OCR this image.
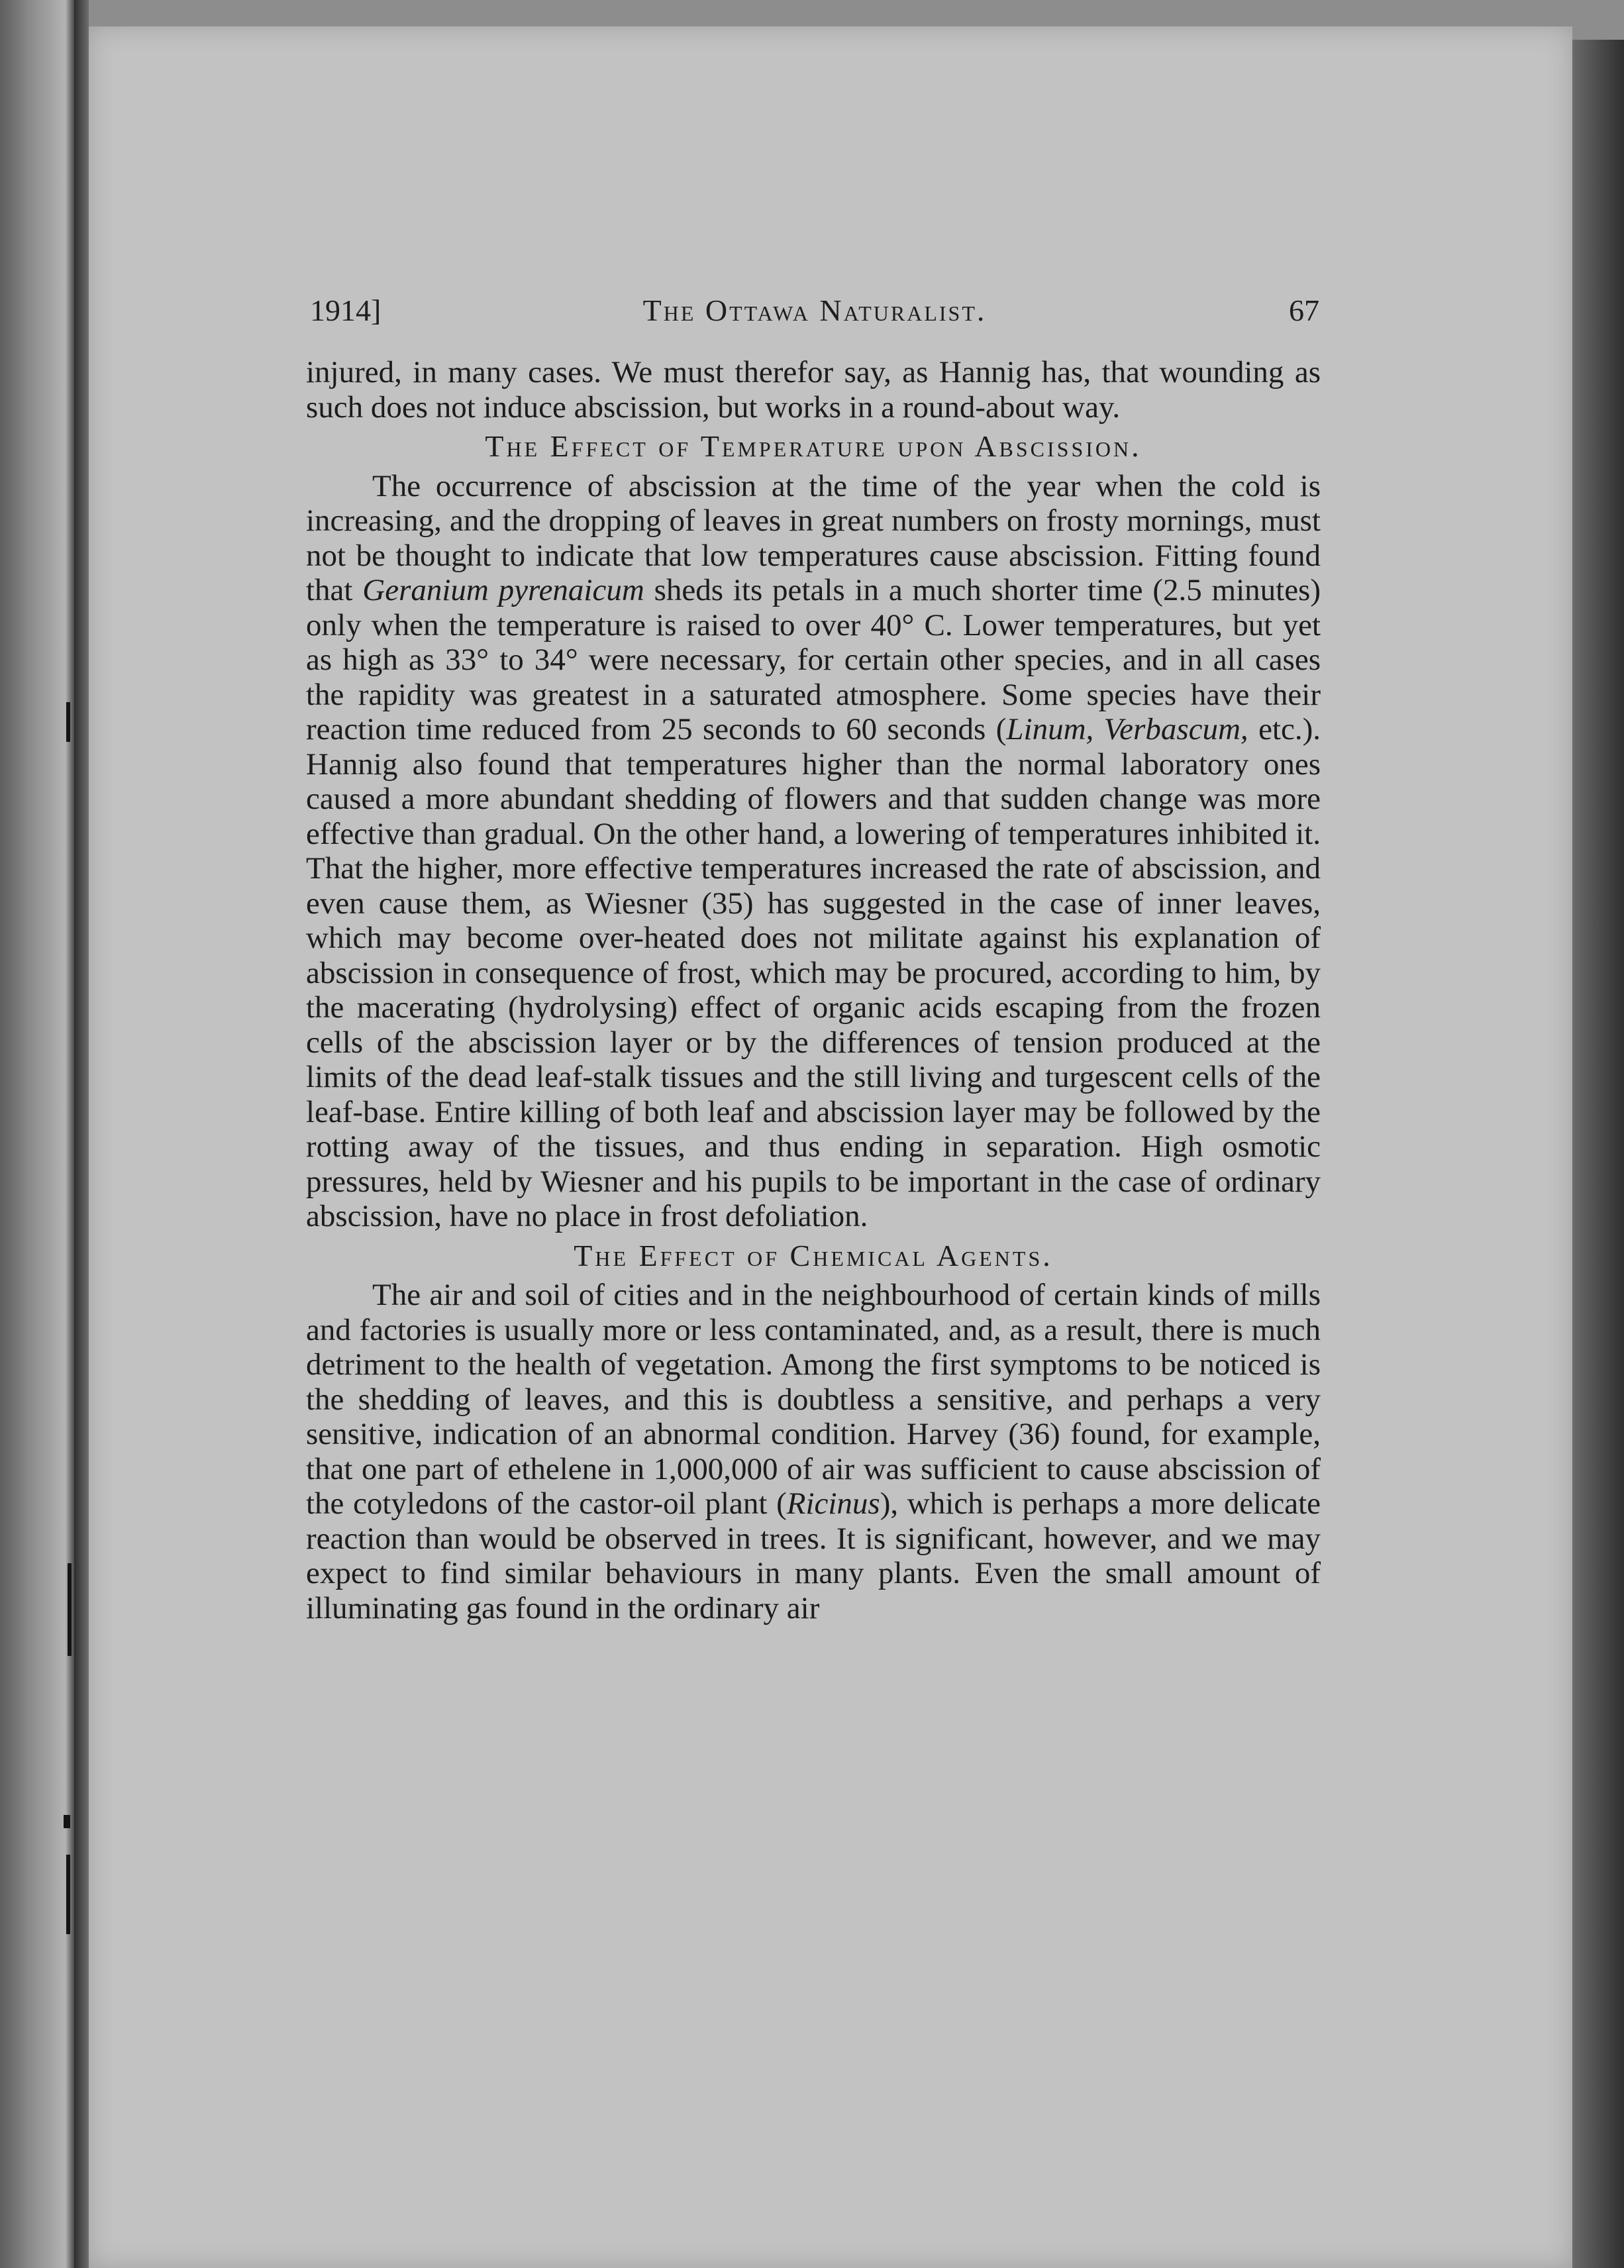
1914]	The Ottawa Naturalist.	67

injured, in many cases. We must therefor say, as Hannig has, that wounding as such does not induce abscission, but works in a round-about way.

The Effect of Temperature upon Abscission.

The occurrence of abscission at the time of the year when the cold is increasing, and the dropping of leaves in great numbers on frosty mornings, must not be thought to indicate that low temperatures cause abscission. Fitting found that Geranium pyrenaicum sheds its petals in a much shorter time (2.5 minutes) only when the temperature is raised to over 40° C. Lower temperatures, but yet as high as 33° to 34° were necessary, for certain other species, and in all cases the rapidity was greatest in a saturated atmosphere. Some species have their reaction time reduced from 25 seconds to 60 seconds (Linum, Verbascum, etc.). Hannig also found that temperatures higher than the normal laboratory ones caused a more abundant shedding of flowers and that sudden change was more effective than gradual. On the other hand, a lowering of temperatures inhibited it. That the higher, more effective temperatures increased the rate of abscission, and even cause them, as Wiesner (35) has suggested in the case of inner leaves, which may become over-heated does not militate against his explanation of abscission in consequence of frost, which may be procured, according to him, by the macerating (hydrolysing) effect of organic acids escaping from the frozen cells of the abscission layer or by the differences of tension produced at the limits of the dead leaf-stalk tissues and the still living and turgescent cells of the leaf-base. Entire killing of both leaf and abscission layer may be followed by the rotting away of the tissues, and thus ending in separation. High osmotic pressures, held by Wiesner and his pupils to be important in the case of ordinary abscission, have no place in frost defoliation.

The Effect of Chemical Agents.

The air and soil of cities and in the neighbourhood of certain kinds of mills and factories is usually more or less contaminated, and, as a result, there is much detriment to the health of vegetation. Among the first symptoms to be noticed is the shedding of leaves, and this is doubtless a sensitive, and perhaps a very sensitive, indication of an abnormal condition. Harvey (36) found, for example, that one part of ethelene in 1,000,000 of air was sufficient to cause abscission of the cotyledons of the castor-oil plant (Ricinus), which is perhaps a more delicate reaction than would be observed in trees. It is significant, however, and we may expect to find similar behaviours in many plants. Even the small amount of illuminating gas found in the ordinary air
